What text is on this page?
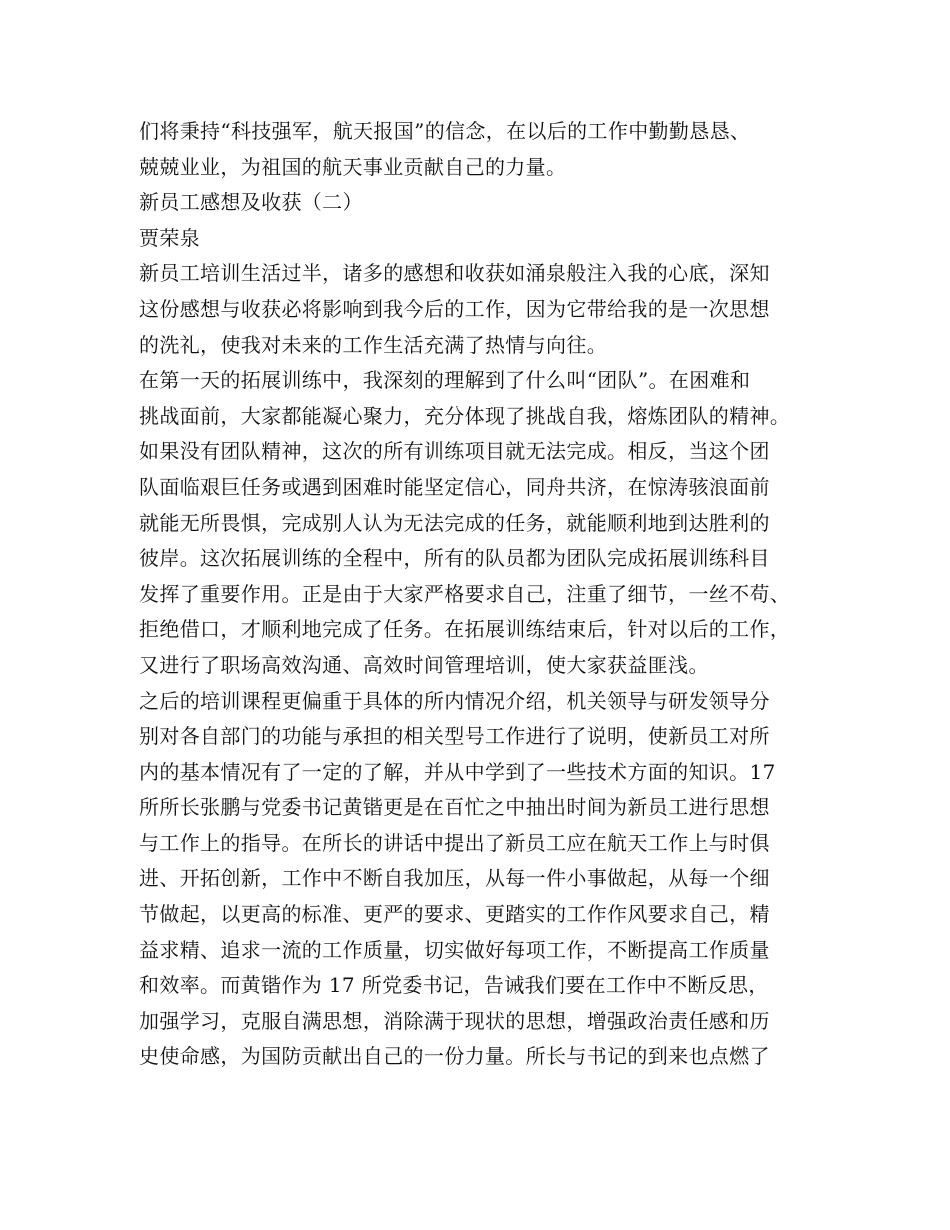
们将秉持“科技强军，航天报国”的信念，在以后的工作中勤勤恳恳、
兢兢业业，为祖国的航天事业贡献自己的力量。
新员工感想及收获（二）
贾荣泉
新员工培训生活过半，诸多的感想和收获如涌泉般注入我的心底，深知
这份感想与收获必将影响到我今后的工作，因为它带给我的是一次思想
的洗礼，使我对未来的工作生活充满了热情与向往。
在第一天的拓展训练中，我深刻的理解到了什么叫“团队”。在困难和
挑战面前，大家都能凝心聚力，充分体现了挑战自我，熔炼团队的精神。
如果没有团队精神，这次的所有训练项目就无法完成。相反，当这个团
队面临艰巨任务或遇到困难时能坚定信心，同舟共济，在惊涛骇浪面前
就能无所畏惧，完成别人认为无法完成的任务，就能顺利地到达胜利的
彼岸。这次拓展训练的全程中，所有的队员都为团队完成拓展训练科目
发挥了重要作用。正是由于大家严格要求自己，注重了细节，一丝不苟、
拒绝借口，才顺利地完成了任务。在拓展训练结束后，针对以后的工作，
又进行了职场高效沟通、高效时间管理培训，使大家获益匪浅。
之后的培训课程更偏重于具体的所内情况介绍，机关领导与研发领导分
别对各自部门的功能与承担的相关型号工作进行了说明，使新员工对所
内的基本情况有了一定的了解，并从中学到了一些技术方面的知识。17
所所长张鹏与党委书记黄锴更是在百忙之中抽出时间为新员工进行思想
与工作上的指导。在所长的讲话中提出了新员工应在航天工作上与时俱
进、开拓创新，工作中不断自我加压，从每一件小事做起，从每一个细
节做起，以更高的标准、更严的要求、更踏实的工作作风要求自己，精
益求精、追求一流的工作质量，切实做好每项工作，不断提高工作质量
和效率。而黄锴作为 17 所党委书记，告诫我们要在工作中不断反思，
加强学习，克服自满思想，消除满于现状的思想，增强政治责任感和历
史使命感，为国防贡献出自己的一份力量。所长与书记的到来也点燃了
